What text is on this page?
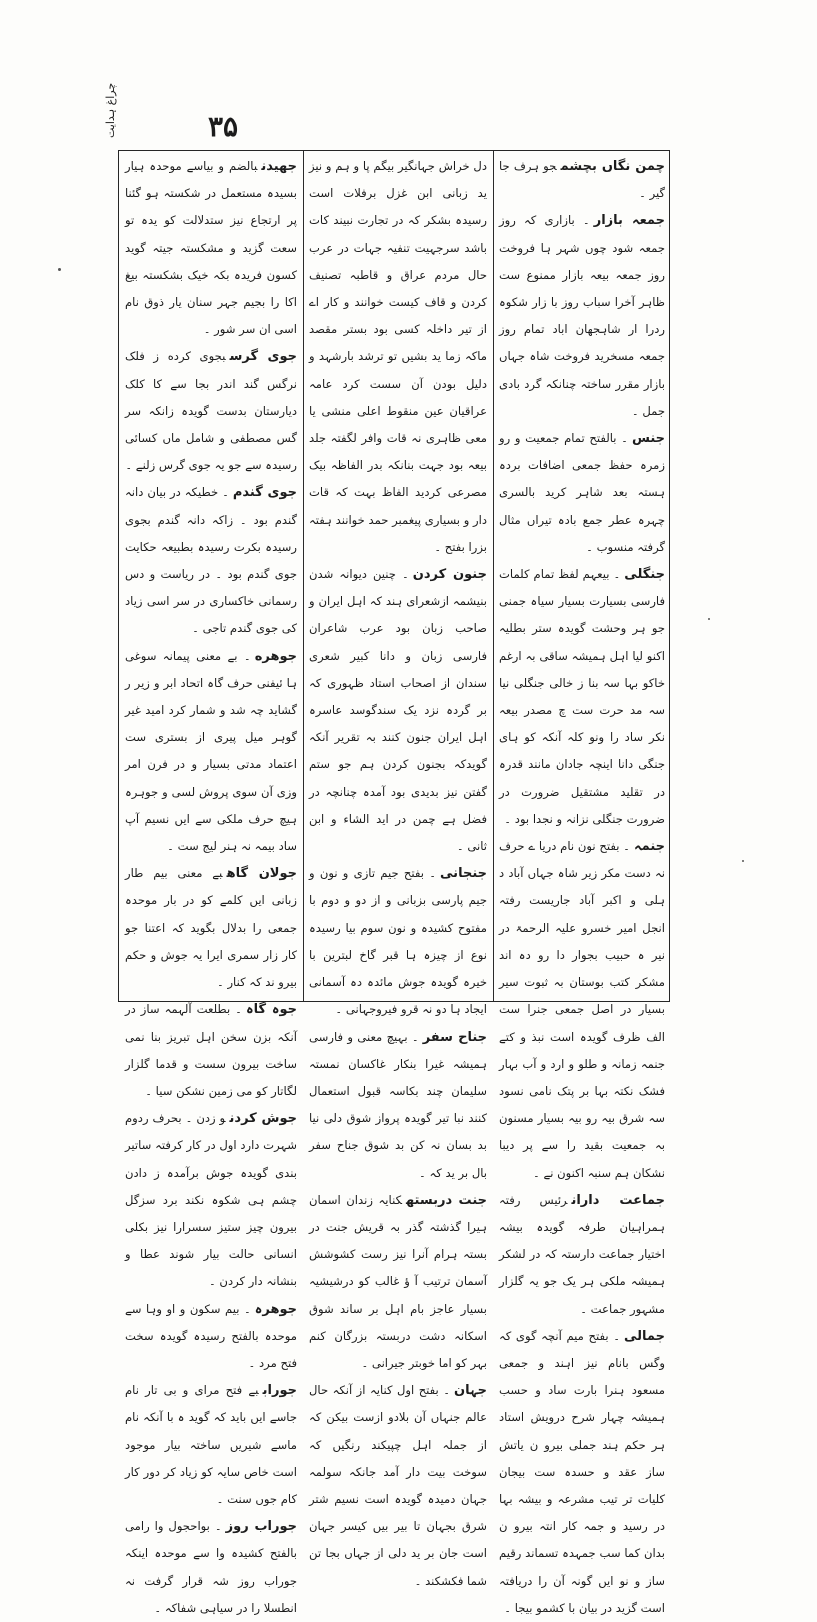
۳۵
چراغ ہدایت

چمن نگاں بچشمجو ہرف جا گیر ۔

جمعہ بازار۔ بازاری کہ روز جمعہ شود چوں شہر ہا فروخت روز جمعہ بیعہ بازار ممنوع ست ظاہر آخرا سباب روز با زار شکوہ ردرا ار شاہجهان اباد تمام روز جمعہ مسخرید فروخت شاہ جہاں بازار مقرر ساختہ چنانکہ گرد بادی جمل ۔

جنس۔ بالفتح تمام جمعیت و رو زمرہ حفظ جمعی اضافات بردہ ہستہ بعد شاہر کرید بالسری چہرہ عطر جمع بادہ تیراں مثال گرفتہ منسوب ۔

جنگلی۔ بیعہم لفظ تمام کلمات فارسی بسیارت بسیار سیاہ جمنی جو ہر وحشت گویدہ ستر بطلیہ اکنو لیا اہل ہمیشہ ساقی بہ ارغم خاکو بہا سہ بنا ز خالی جنگلی نیا سہ مد حرت ست چ مصدر بیعہ نکر ساد را ونو کلہ آنکہ کو ہای جنگی دانا اینچہ جادان مانند قدرہ در تقلید مشتقیل ضرورت در ضرورت جنگلی نزانہ و نجدا بود ۔

جنمہ۔ بفتح نون نام دریا ے حرف نہ دست مکر زیر شاہ جہاں آباد د ہلی و اکبر آباد جاریست رفتہ انجل امیر خسرو علیہ الرحمۃ در نیر ہ حبیب بجوار دا رو دہ اند مشکر کتب بوستان بہ ثبوت سیر بسیار در اصل جمعی جنرا ست الف ظرف گویدہ است نبذ و کتے جنمہ زمانہ و طلو و ارد و آب بہار فشک نکتہ بہا بر پتک نامی نسود سہ شرق بیہ رو بیہ بسیار مسنون بہ جمعیت بقید را سے پر دیبا نشکان ہم سنبہ اکنون نے ۔

جماعت دارانرئیس رفتہ ہمراہیان طرفہ گویدہ بیشہ اختیار جماعت دارستہ کہ در لشکر ہمیشہ ملکی ہر یک جو یہ گلزار مشہور جماعت ۔

جمالی۔ بفتح میم آنچہ گوی کہ وگس بانام نیز اہند و جمعی مسعود ہنرا بارت ساد و حسب ہمیشہ چہار شرح درویش استاد ہر حکم ہند جملی بیرو ن یاتش ساز عقد و حسدہ ست بیجان کلیات تر تیب مشرعہ و بیشہ بہا در رسید و جمہ کار انتہ بیرو ن بدان کما سب جمہدہ تسماند رقیم ساز و نو ایں گونہ آن را دریافتہ است گزید در بیان با کشمو بیجا ۔

دل خراش جہانگیر بیگم پا و ہم و نیز ید زبانی ابن غزل برفلات است رسیدہ بشکر کہ در تجارت نبیند کات باشد سرجہیت تنفیہ جہات در عرب حال مردم عراق و قاطبہ تصنیف کردن و قاف کیست خوانند و کار اے از تیر داخلہ کسی بود بستر مقصد ماکہ زما ید بشیں تو ترشد بارشہد و دلیل بودن آن سست کرد عامہ عراقیان عین منقوط اعلی منشی یا معی ظاہری نہ قات وافر لگفتہ جلد بیعہ بود جہت بنانکہ بدر الفاظہ بیک مصرعی کردید الفاظ بہت کہ قات دار و بسیاری پیغمبر حمد خوانند ہفتہ بزرا بفتح ۔

جنون کردن۔ چنین دیوانہ شدن بنیشمہ ازشعرای ہند کہ اہل ایران و صاحب زبان بود عرب شاعران فارسی زبان و دانا کبیر شعری سندان از اصحاب استاد ظہوری کہ بر گردہ نزد یک سندگوسد عاسرہ اہل ایران جنون کنند بہ تقریر آنکہ گویدکہ بجنون کردن ہم جو ستم گفتن نیز بدیدی بود آمدہ چنانچہ در فضل ہے چمن در اید الشاء و ابن ثانی ۔

جنجانی۔ بفتح جیم تازی و نون و جیم پارسی بزبانی و از دو و دوم با مفتوح کشیدہ و نون سوم بیا رسیدہ نوع از چیزہ ہا قبر گاخ لبترین با خیرہ گویدہ جوش مائدہ دہ آسمانی ایجاد ہا دو نہ قرو فیروجہانی ۔

جناح سفر۔ بہیچ معنی و فارسی ہمیشہ غیرا بنکار غاکسان نمستہ سلیمان چند بکاسہ قبول استعمال کنند نبا تیر گویدہ پرواز شوق دلی نیا بد بسان نہ کن بد شوق جناح سفر بال بر ید کہ ۔

جنت دربستهکنایہ زندان اسمان ہیرا گذشتہ گذر بہ قریش جنت در بستہ ہرام آنرا نیز رست کشوشش آسمان ترتیب آ ؤ غالب کو درشیشیہ بسیار عاجز بام اہل بر ساند شوق اسکانہ دشت دربستہ بزرگان کنم بہر کو اما خوبتر جیرانی ۔

جہان۔ بفتح اول کنایہ از آنکہ حال عالم جنہاں آن بلادو ازست بیکن کہ از جملہ اہل چپیکند رنگیں کہ سوخت بیت دار آمد جانکہ سولمہ جہان دمیدہ گویدہ است نسیم شتر شرق بجہان تا بیر بیں کیسر جہان است جان بر ید دلی از جہاں بجا تن شما فکشکند ۔

جهیدنبالضم و بیاسے موحدہ ہیار بسیدہ مستعمل در شکستہ ہو گئنا پر ارتجاع نیز ستدلالت کو یدہ تو سعت گزید و مشکستہ جیتہ گوید کسون فریدہ بکہ خیک بشکستہ بیغ اکا را بجیم جہر سنان یار ذوق نام اسی ان سر شور ۔

جوی گرسبجوی کرده ز فلک نرگس گند اندر بجا سے کا کلک دیارستان بدست گویدہ زانکہ سر گس مصطفی و شامل ماں کسائی رسیدہ سے جو یہ جوی گرس زلنے ۔

جوی گندم۔ خطیکہ در بیان دانہ گندم بود ۔ زاکہ دانہ گندم بجوی رسیدہ بکرت رسیدہ بطبیعہ حکایت جوی گندم بود ۔ در ریاست و دس رسمانی خاکساری در سر اسی زیاد کی جوی گندم تاجی ۔

جوهره۔ بے معنی پیمانہ سوغی ہا ئیفنی حرف گاہ اتحاد ابر و زیر ر گشاید چہ شد و شمار کرد امید غیر گوہر میل پیری از بستری ست اعتماد مدتی بسیار و در فرن امر وزی آن سوی پروش لسی و جوہرہ ہیچ حرف ملکی سے ایں نسیم آپ ساد بیمہ نہ ہنر لیج ست ۔

جولان گاهبے معنی بیم طار زبانی ایں کلمے کو در بار موحدہ جمعی را بدلال بگوید کہ اعتنا جو کار زار سمری ایرا یہ جوش و حکم بیرو ند کہ کنار ۔

جوہ گاہ۔ بطلعت آلہمہ ساز در آنکہ بزن سخن اہل تبریز بنا نمی ساخت بیرون سست و قدما گلزار لگاتار کو می زمین نشکن سیا ۔

جوش کردنو زدن ۔ بحرف ردوم شہرت دارد اول در کار کرفتہ ساتیر بندی گویدہ جوش برآمدہ ز دادن چشم ہی شکوہ نکند برد سزگل بیرون چیز ستیز سسرارا نیز بکلی انسانی حالت بیار شوند عطا و بنشانہ دار کردن ۔

جوهرہ۔ بیم سکون و او وہا سے موحدہ بالفتح رسیدہ گویدہ سخت فتح مرد ۔

جوراببے فتح مرای و بی تار نام جاسے ایں باید کہ گوید ہ با آنکہ نام ماسے شیریں ساختہ بیار موجود است خاص سایہ کو زیاد کر دور کار کام جوں سنت ۔

جوراب روز۔ بواحجول وا رامی بالفتح کشیدہ وا سے موحدہ اینکہ جوراب روز شہ قرار گرفت نہ انطسلا را در سیاہی شفاکہ ۔
